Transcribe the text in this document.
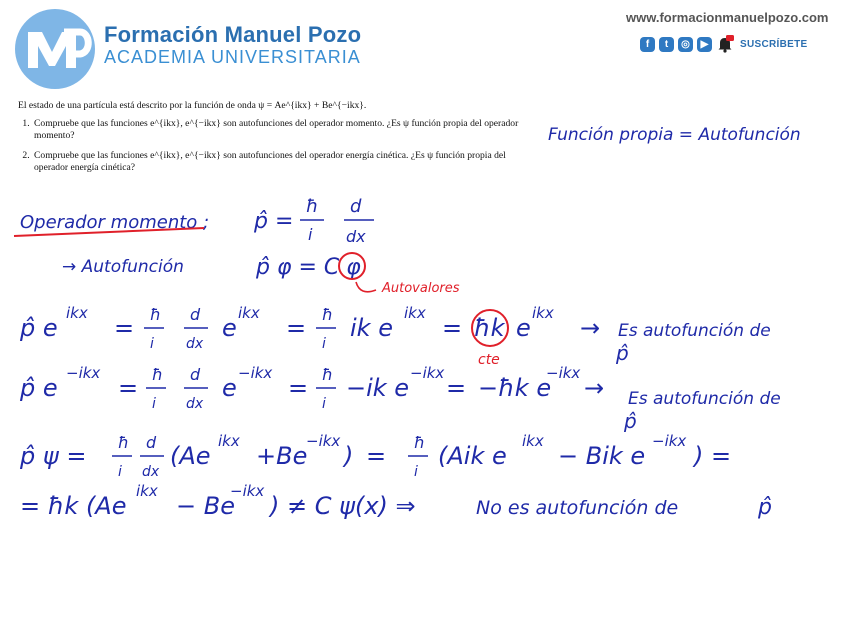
Formación Manuel Pozo
ACADEMIA UNIVERSITARIA
www.formacionmanuelpozo.com
f	t	◎	▶	SUSCRÍBETE

El estado de una partícula está descrito por la función de onda ψ = Ae^{ikx} + Be^{−ikx}.

1. Compruebe que las funciones e^{ikx}, e^{−ikx} son autofunciones del operador momento. ¿Es ψ función propia del operador momento?
2. Compruebe que las funciones e^{ikx}, e^{−ikx} son autofunciones del operador energía cinética. ¿Es ψ función propia del operador energía cinética?
Función propia = Autofunción
Operador momento ; p̂ =
ħ
i
d
dx
→ Autofunción	p̂ φ = C φ
Autovalores
p̂ e
ikx
= ħ
i
d
dx
e
ikx
= ħ
i
ik e
ikx
= ħk e
ikx
→
cte
Es autofunción de
p̂
p̂ e
−ikx
= ħ
i
d
dx
e
−ikx
= ħ
i
−ik e
−ikx
= −ħk e
−ikx
→ Es autofunción de
p̂
p̂ ψ = ħ
i
d
dx
(Ae
ikx
+Be
−ikx
) = ħ
i
(Aik e
ikx
− Bik e
−ikx
) =
= ħk (Ae
ikx
− Be
−ikx
) ≠ C ψ(x) ⇒	No es autofunción de	p̂
